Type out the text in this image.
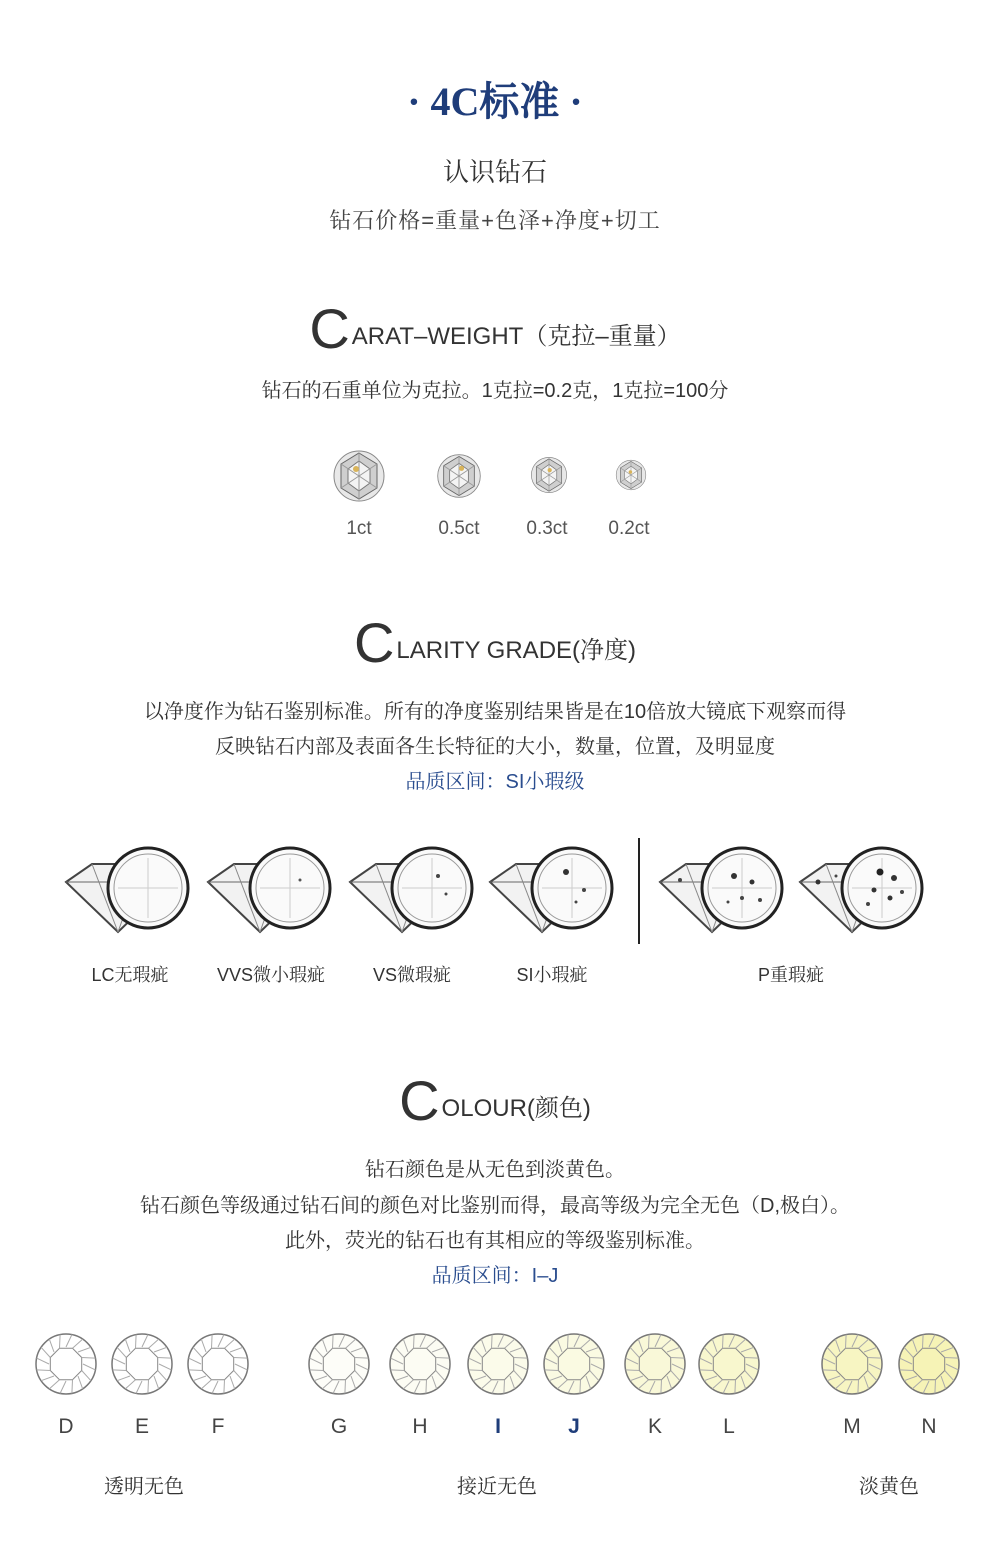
· 4C标准 ·
认识钻石
钻石价格=重量+色泽+净度+切工
CARAT–WEIGHT（克拉–重量）
钻石的石重单位为克拉。1克拉=0.2克，1克拉=100分
1ct	0.5ct	0.3ct	0.2ct
CLARITY GRADE(净度)
以净度作为钻石鉴别标准。所有的净度鉴别结果皆是在10倍放大镜底下观察而得
反映钻石内部及表面各生长特征的大小，数量，位置，及明显度
品质区间：SI小瑕级
LC无瑕疵	VVS微小瑕疵	VS微瑕疵	SI小瑕疵	P重瑕疵
COLOUR(颜色)
钻石颜色是从无色到淡黄色。
钻石颜色等级通过钻石间的颜色对比鉴别而得，最高等级为完全无色（D,极白）。
此外，荧光的钻石也有其相应的等级鉴别标准。
品质区间：I–J
D	E	F	G	H	I	J	K	L	M	N
透明无色	接近无色	淡黄色
